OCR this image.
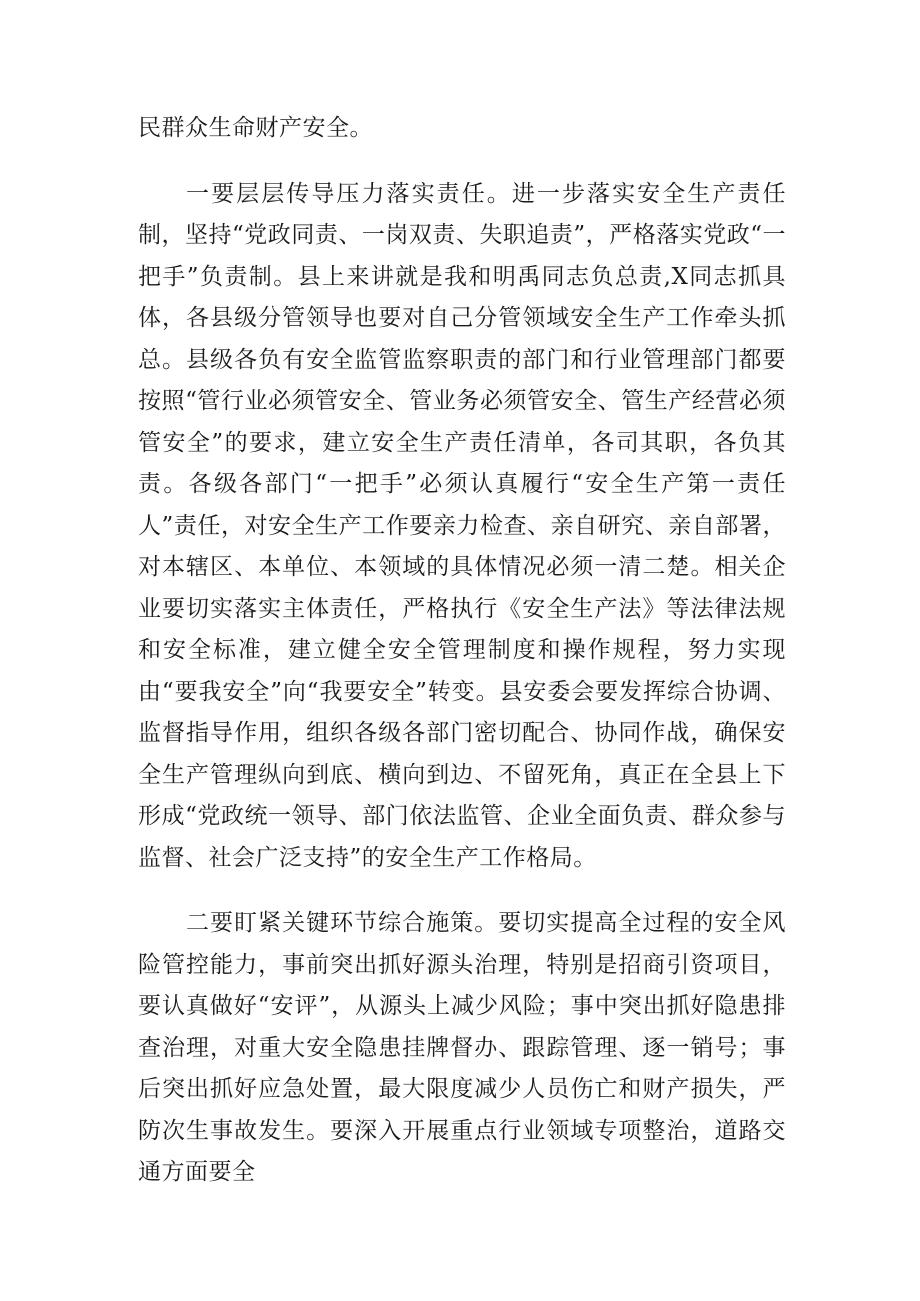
民群众生命财产安全。

一要层层传导压力落实责任。进一步落实安全生产责任制，坚持“党政同责、一岗双责、失职追责”，严格落实党政“一把手”负责制。县上来讲就是我和明禹同志负总责,X同志抓具体，各县级分管领导也要对自己分管领域安全生产工作牵头抓总。县级各负有安全监管监察职责的部门和行业管理部门都要按照“管行业必须管安全、管业务必须管安全、管生产经营必须管安全”的要求，建立安全生产责任清单，各司其职，各负其责。各级各部门“一把手”必须认真履行“安全生产第一责任人”责任，对安全生产工作要亲力检查、亲自研究、亲自部署，对本辖区、本单位、本领域的具体情况必须一清二楚。相关企业要切实落实主体责任，严格执行《安全生产法》等法律法规和安全标准，建立健全安全管理制度和操作规程，努力实现由“要我安全”向“我要安全”转变。县安委会要发挥综合协调、监督指导作用，组织各级各部门密切配合、协同作战，确保安全生产管理纵向到底、横向到边、不留死角，真正在全县上下形成“党政统一领导、部门依法监管、企业全面负责、群众参与监督、社会广泛支持”的安全生产工作格局。

二要盯紧关键环节综合施策。要切实提高全过程的安全风险管控能力，事前突出抓好源头治理，特别是招商引资项目，要认真做好“安评”，从源头上减少风险；事中突出抓好隐患排查治理，对重大安全隐患挂牌督办、跟踪管理、逐一销号；事后突出抓好应急处置，最大限度减少人员伤亡和财产损失，严防次生事故发生。要深入开展重点行业领域专项整治，道路交通方面要全
